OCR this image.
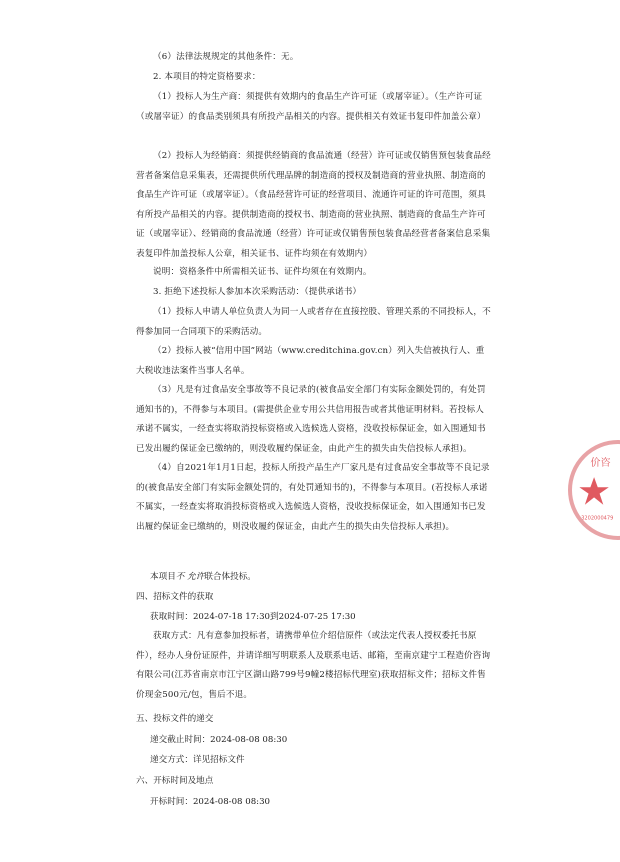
（6）法律法规规定的其他条件：无。

2. 本项目的特定资格要求：

（1）投标人为生产商：须提供有效期内的食品生产许可证（或屠宰证）。（生产许可证（或屠宰证）的食品类别须具有所投产品相关的内容。提供相关有效证书复印件加盖公章）

（2）投标人为经销商：须提供经销商的食品流通（经营）许可证或仅销售预包装食品经营者备案信息采集表，还需提供所代理品牌的制造商的授权及制造商的营业执照、制造商的食品生产许可证（或屠宰证）。（食品经营许可证的经营项目、流通许可证的许可范围，须具有所投产品相关的内容。提供制造商的授权书、制造商的营业执照、制造商的食品生产许可证（或屠宰证）、经销商的食品流通（经营）许可证或仅销售预包装食品经营者备案信息采集表复印件加盖投标人公章，相关证书、证件均须在有效期内）

说明：资格条件中所需相关证书、证件均须在有效期内。

3. 拒绝下述投标人参加本次采购活动：（提供承诺书）

（1）投标人申请人单位负责人为同一人或者存在直接控股、管理关系的不同投标人，不得参加同一合同项下的采购活动。

（2）投标人被“信用中国”网站（www.creditchina.gov.cn）列入失信被执行人、重大税收违法案件当事人名单。

（3）凡是有过食品安全事故等不良记录的(被食品安全部门有实际金额处罚的，有处罚通知书的)，不得参与本项目。(需提供企业专用公共信用报告或者其他证明材料。若投标人承诺不属实，一经查实将取消投标资格或入选候选人资格，没收投标保证金，如入围通知书已发出履约保证金已缴纳的，则没收履约保证金，由此产生的损失由失信投标人承担)。

（4）自2021年1月1日起，投标人所投产品生产厂家凡是有过食品安全事故等不良记录的(被食品安全部门有实际金额处罚的，有处罚通知书的)，不得参与本项目。(若投标人承诺不属实，一经查实将取消投标资格或入选候选人资格，没收投标保证金，如入围通知书已发出履约保证金已缴纳的，则没收履约保证金，由此产生的损失由失信投标人承担)。

本项目不 允许联合体投标。

四、招标文件的获取

获取时间：2024-07-18 17:30到2024-07-25 17:30

获取方式：凡有意参加投标者，请携带单位介绍信原件（或法定代表人授权委托书原件），经办人身份证原件，并请详细写明联系人及联系电话、邮箱，至南京建宁工程造价咨询有限公司(江苏省南京市江宁区湖山路799号9幢2楼招标代理室)获取招标文件；招标文件售价现金500元/包，售后不退。

五、投标文件的递交

递交截止时间：2024-08-08 08:30

递交方式：详见招标文件

六、开标时间及地点

开标时间：2024-08-08 08:30

价咨
3202000479
